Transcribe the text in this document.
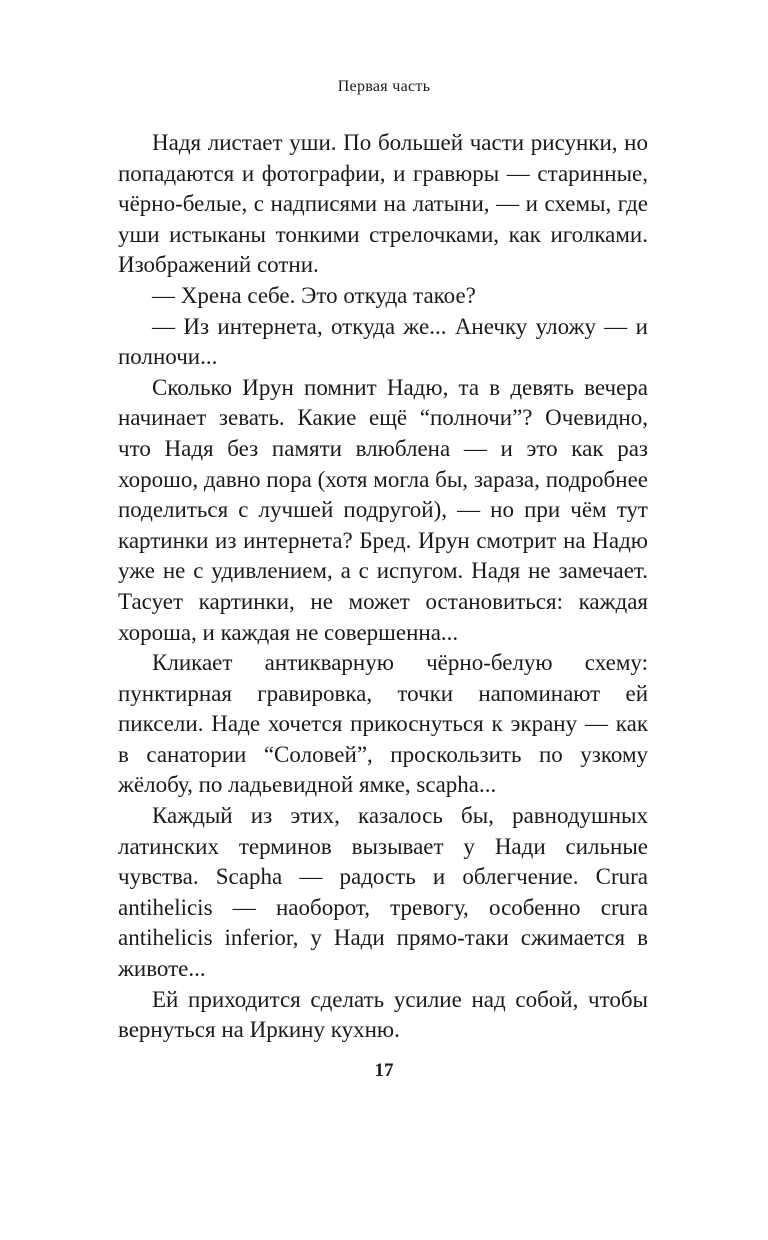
Первая часть

Надя листает уши. По большей части рисунки, но попадаются и фотографии, и гравюры — старинные, чёрно-белые, с надписями на латыни, — и схемы, где уши истыканы тонкими стрелочками, как иголками. Изображений сотни.

— Хрена себе. Это откуда такое?

— Из интернета, откуда же... Анечку уложу — и полночи...

Сколько Ирун помнит Надю, та в девять вечера начинает зевать. Какие ещё “полночи”? Очевидно, что Надя без памяти влюблена — и это как раз хорошо, давно пора (хотя могла бы, зараза, подробнее поделиться с лучшей подругой), — но при чём тут картинки из интернета? Бред. Ирун смотрит на Надю уже не с удивлением, а с испугом. Надя не замечает. Тасует картинки, не может остановиться: каждая хороша, и каждая не совершенна...

Кликает антикварную чёрно-белую схему: пунктирная гравировка, точки напоминают ей пиксели. Наде хочется прикоснуться к экрану — как в санатории “Соловей”, проскользить по узкому жёлобу, по ладьевидной ямке, scapha...

Каждый из этих, казалось бы, равнодушных латинских терминов вызывает у Нади сильные чувства. Scapha — радость и облегчение. Crura antihelicis — наоборот, тревогу, особенно crura antihelicis inferior, у Нади прямо-таки сжимается в животе...

Ей приходится сделать усилие над собой, чтобы вернуться на Иркину кухню.

17
